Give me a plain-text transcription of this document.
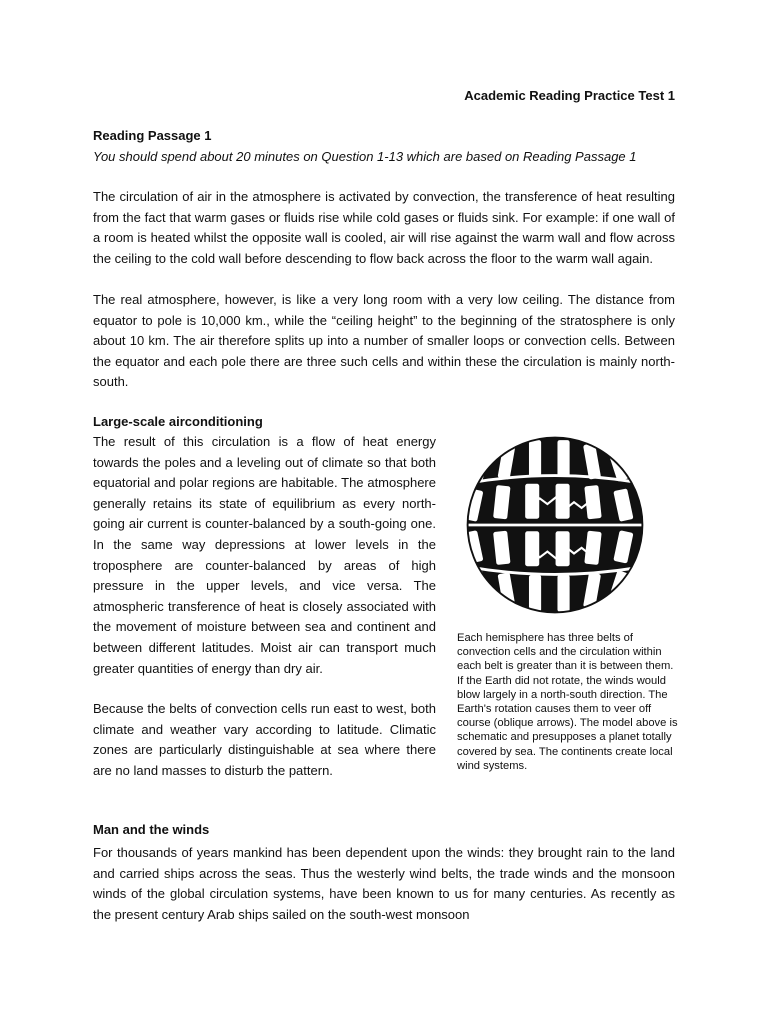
Academic Reading Practice Test 1
Reading Passage 1
You should spend about 20 minutes on Question 1-13 which are based on Reading Passage 1

The circulation of air in the atmosphere is activated by convection, the transference of heat resulting from the fact that warm gases or fluids rise while cold gases or fluids sink. For example: if one wall of a room is heated whilst the opposite wall is cooled, air will rise against the warm wall and flow across the ceiling to the cold wall before descending to flow back across the floor to the warm wall again.

The real atmosphere, however, is like a very long room with a very low ceiling. The distance from equator to pole is 10,000 km., while the “ceiling height” to the beginning of the stratosphere is only about 10 km. The air therefore splits up into a number of smaller loops or convection cells. Between the equator and each pole there are three such cells and within these the circulation is mainly north-south.

Large-scale airconditioning

The result of this circulation is a flow of heat energy towards the poles and a leveling out of climate so that both equatorial and polar regions are habitable. The atmosphere generally retains its state of equilibrium as every north-going air current is counter-balanced by a south-going one. In the same way depressions at lower levels in the troposphere are counter-balanced by areas of high pressure in the upper levels, and vice versa. The atmospheric transference of heat is closely associated with the movement of moisture between sea and continent and between different latitudes. Moist air can transport much greater quantities of energy than dry air.

Because the belts of convection cells run east to west, both climate and weather vary according to latitude. Climatic zones are particularly distinguishable at sea where there are no land masses to disturb the pattern.

Each hemisphere has three belts of convection cells and the circulation within each belt is greater than it is between them. If the Earth did not rotate, the winds would blow largely in a north-south direction. The Earth's rotation causes them to veer off course (oblique arrows). The model above is schematic and presupposes a planet totally covered by sea. The continents create local wind systems.

Man and the winds

For thousands of years mankind has been dependent upon the winds: they brought rain to the land and carried ships across the seas. Thus the westerly wind belts, the trade winds and the monsoon winds of the global circulation systems, have been known to us for many centuries. As recently as the present century Arab ships sailed on the south-west monsoon
